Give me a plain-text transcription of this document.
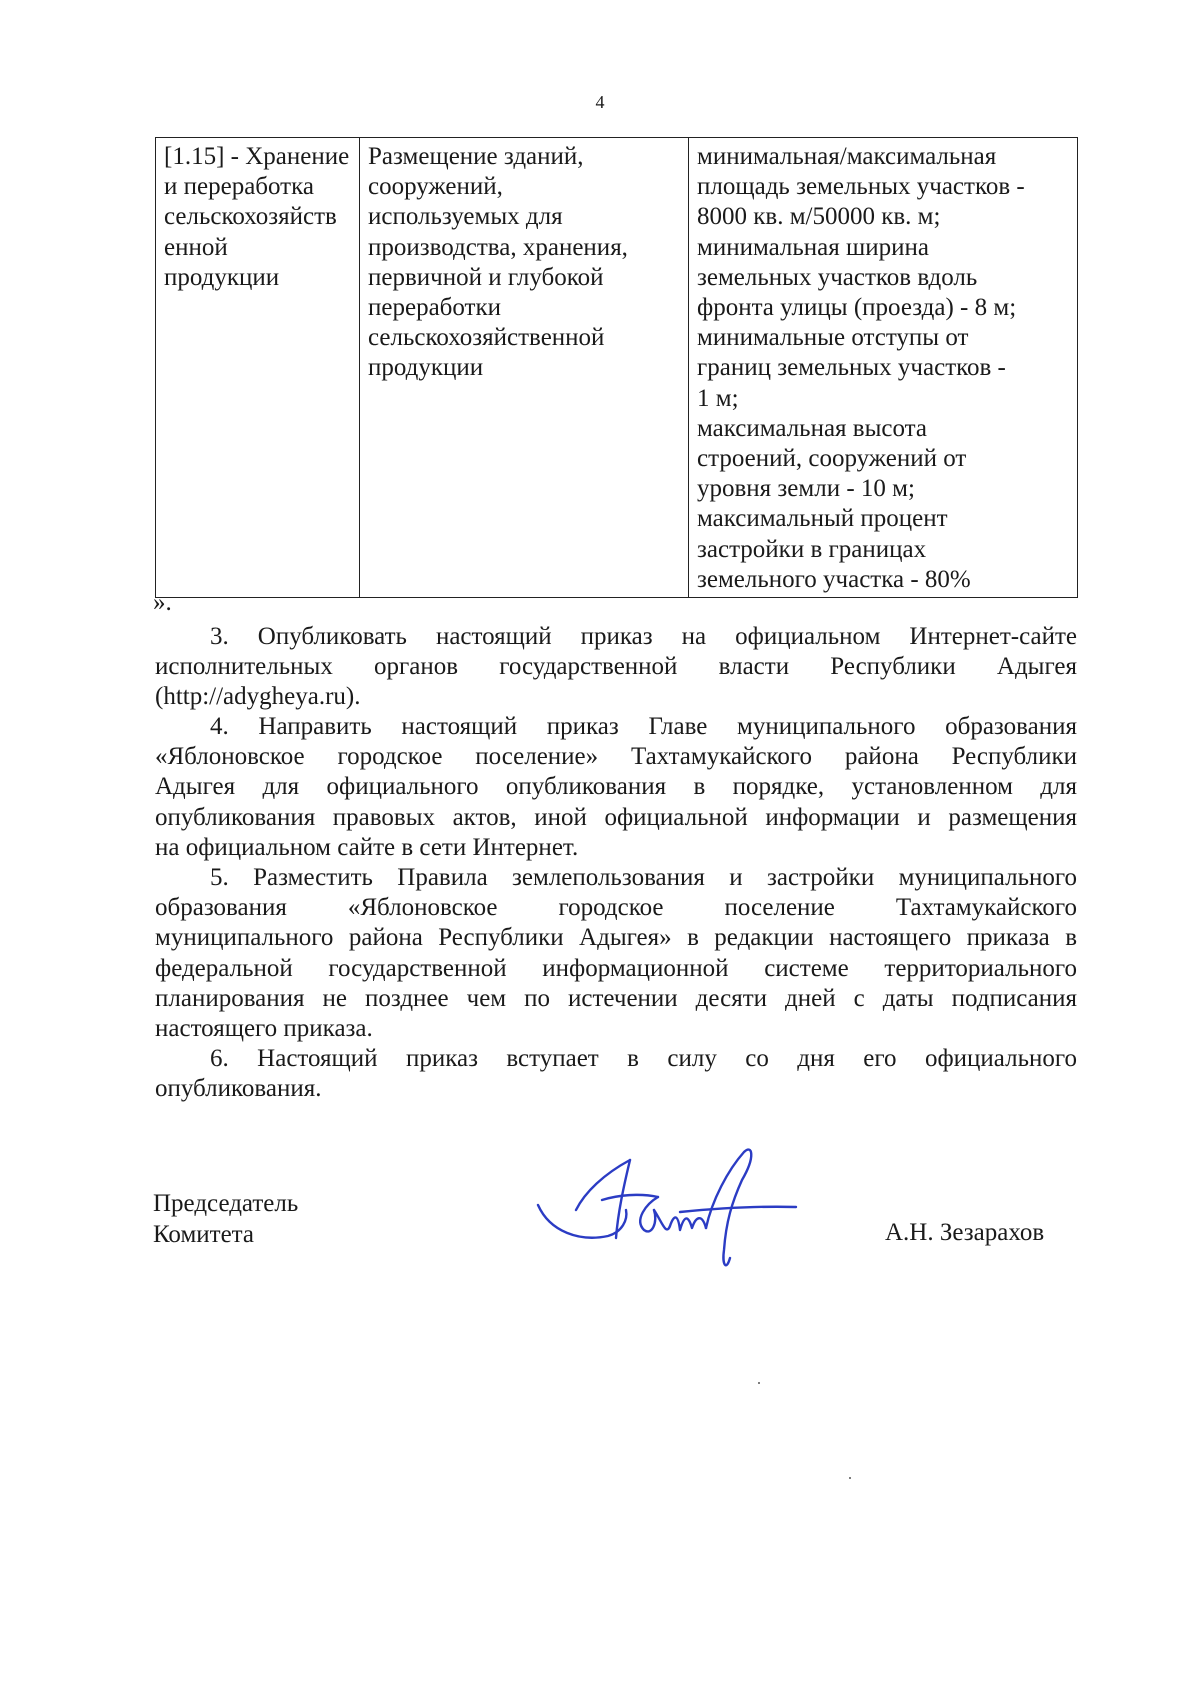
4
[1.15] - Хранение
и переработка
сельскохозяйств
енной
продукции

Размещение зданий,
сооружений,
используемых для
производства, хранения,
первичной и глубокой
переработки
сельскохозяйственной
продукции

минимальная/максимальная
площадь земельных участков -
8000 кв. м/50000 кв. м;
минимальная ширина
земельных участков вдоль
фронта улицы (проезда) - 8 м;
минимальные отступы от
границ земельных участков -
1 м;
максимальная высота
строений, сооружений от
уровня земли - 10 м;
максимальный процент
застройки в границах
земельного участка - 80%
».
3. Опубликовать настоящий приказ на официальном Интернет-сайте
исполнительных органов государственной власти Республики Адыгея
(http://adygheya.ru).
4. Направить настоящий приказ Главе муниципального образования
«Яблоновское городское поселение» Тахтамукайского района Республики
Адыгея для официального опубликования в порядке, установленном для
опубликования правовых актов, иной официальной информации и размещения
на официальном сайте в сети Интернет.
5. Разместить Правила землепользования и застройки муниципального
образования «Яблоновское городское поселение Тахтамукайского
муниципального района Республики Адыгея» в редакции настоящего приказа в
федеральной государственной информационной системе территориального
планирования не позднее чем по истечении десяти дней с даты подписания
настоящего приказа.
6. Настоящий приказ вступает в силу со дня его официального
опубликования.
Председатель
Комитета	А.Н. Зезарахов
